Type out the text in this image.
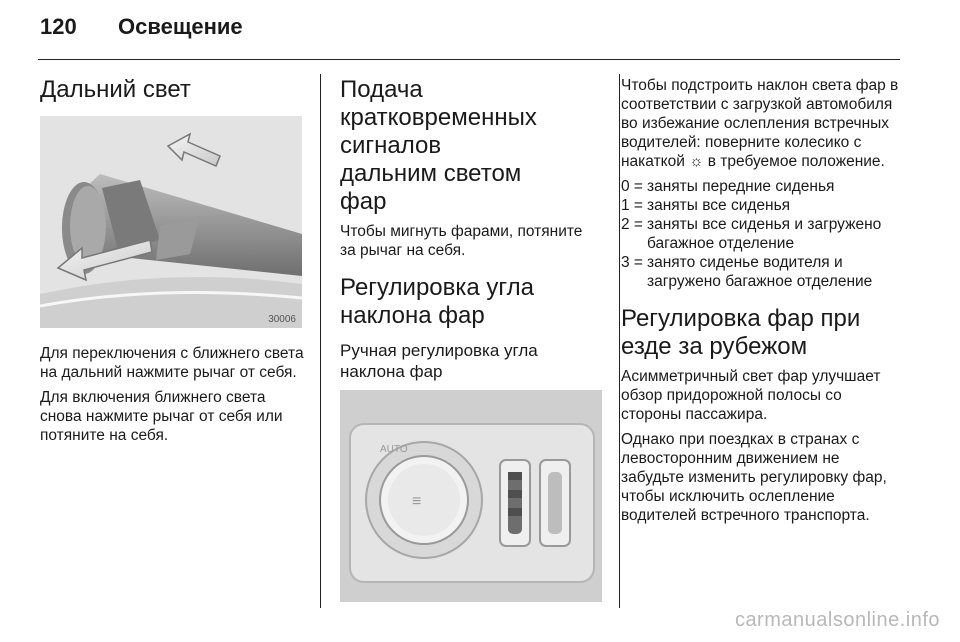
120 Освещение
Дальний свет
30006

Для переключения с ближнего света на дальний нажмите рычаг от себя.

Для включения ближнего света снова нажмите рычаг от себя или потяните на себя.

Подача кратковременных сигналов дальним светом фар

Чтобы мигнуть фарами, потяните за рычаг на себя.

Регулировка угла наклона фар
Ручная регулировка угла наклона фар
≡
AUTO

Чтобы подстроить наклон света фар в соответствии с загрузкой автомобиля во избежание ослепления встречных водителей: поверните колесико с накаткой ☼ в требуемое положение.

0 = заняты передние сиденья
1 = заняты все сиденья
2 = заняты все сиденья и загружено багажное отделение
3 = занято сиденье водителя и загружено багажное отделение
Регулировка фар при езде за рубежом

Асимметричный свет фар улучшает обзор придорожной полосы со стороны пассажира.

Однако при поездках в странах с левосторонним движением не забудьте изменить регулировку фар, чтобы исключить ослепление водителей встречного транспорта.

carmanualsonline.info
